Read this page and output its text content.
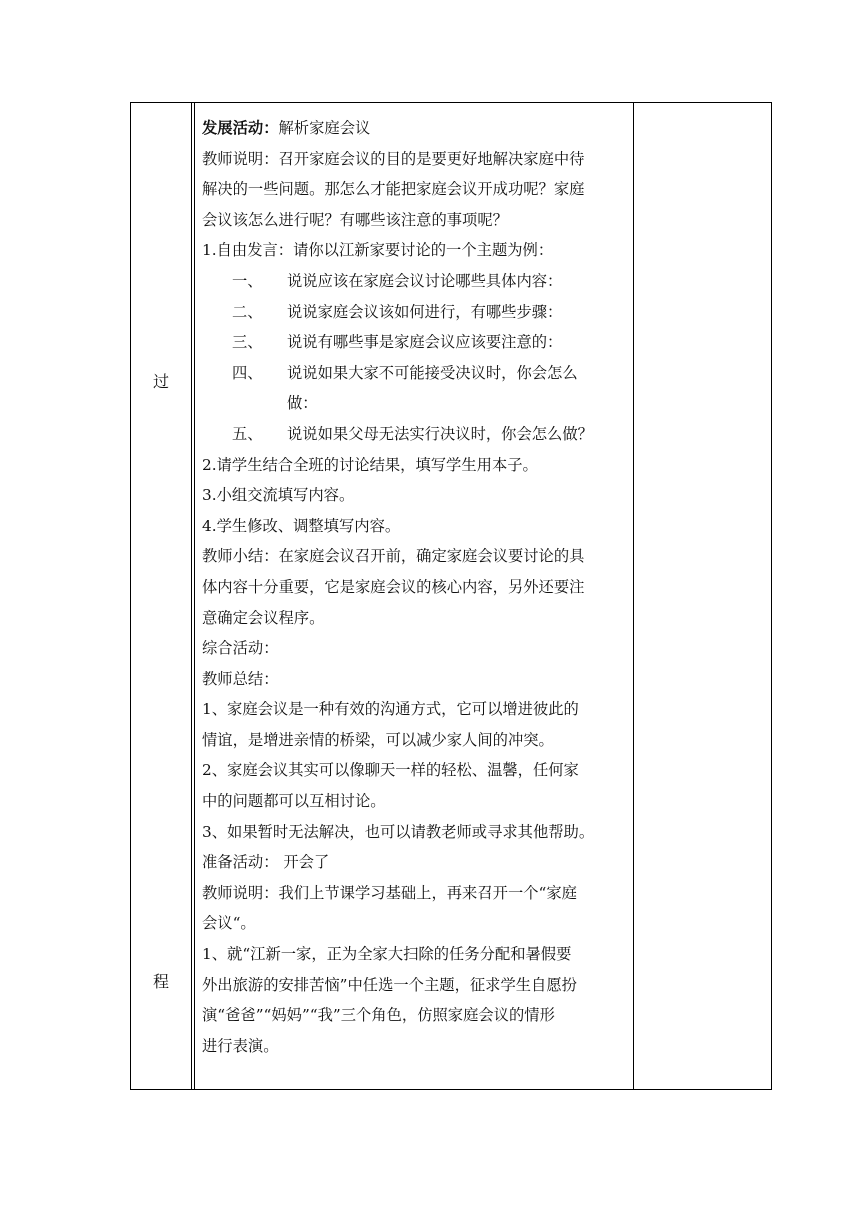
过
程
发展活动：解析家庭会议
教师说明：召开家庭会议的目的是要更好地解决家庭中待
解决的一些问题。那怎么才能把家庭会议开成功呢？家庭
会议该怎么进行呢？有哪些该注意的事项呢？
1.自由发言：请你以江新家要讨论的一个主题为例：
一、	说说应该在家庭会议讨论哪些具体内容：
二、	说说家庭会议该如何进行，有哪些步骤：
三、	说说有哪些事是家庭会议应该要注意的：
四、	说说如果大家不可能接受决议时，你会怎么
做：
五、	说说如果父母无法实行决议时，你会怎么做？
2.请学生结合全班的讨论结果，填写学生用本子。
3.小组交流填写内容。
4.学生修改、调整填写内容。
教师小结：在家庭会议召开前，确定家庭会议要讨论的具
体内容十分重要，它是家庭会议的核心内容，另外还要注
意确定会议程序。
综合活动：
教师总结：
1、家庭会议是一种有效的沟通方式，它可以增进彼此的
情谊，是增进亲情的桥梁，可以减少家人间的冲突。
2、家庭会议其实可以像聊天一样的轻松、温馨，任何家
中的问题都可以互相讨论。
3、如果暂时无法解决，也可以请教老师或寻求其他帮助。
准备活动： 开会了
教师说明：我们上节课学习基础上，再来召开一个“家庭
会议“。
1、就“江新一家，正为全家大扫除的任务分配和暑假要
外出旅游的安排苦恼”中任选一个主题，征求学生自愿扮
演“爸爸”“妈妈”“我”三个角色，仿照家庭会议的情形
进行表演。
